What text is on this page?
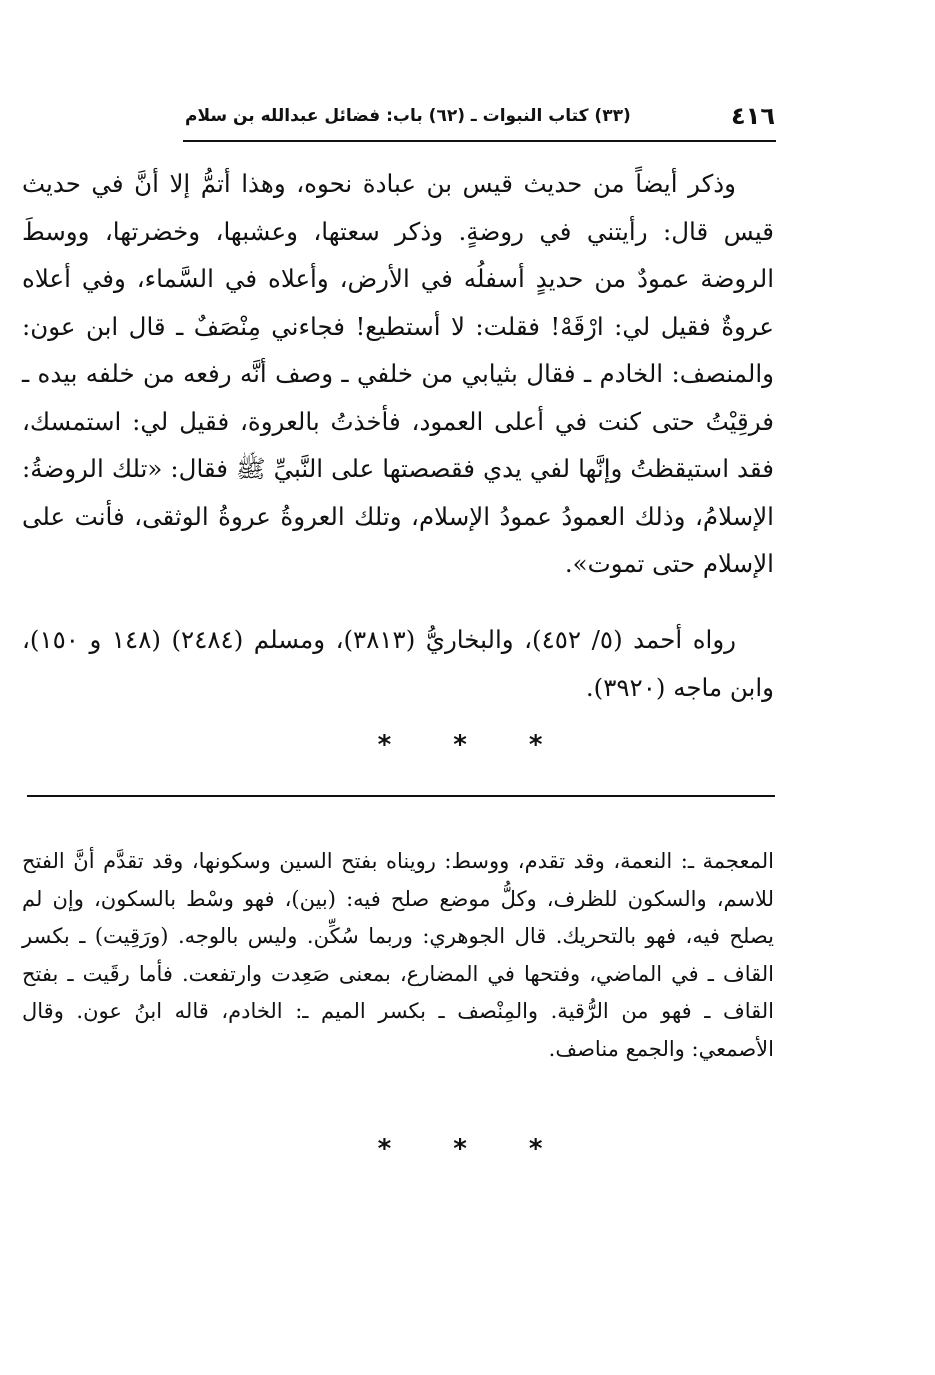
٤١٦
(٣٣) كتاب النبوات ـ (٦٢) باب: فضائل عبدالله بن سلام

وذكر أيضاً من حديث قيس بن عبادة نحوه، وهذا أتمُّ إلا أنَّ في حديث قيس قال: رأيتني في روضةٍ. وذكر سعتها، وعشبها، وخضرتها، ووسطَ الروضة عمودٌ من حديدٍ أسفلُه في الأرض، وأعلاه في السَّماء، وفي أعلاه عروةٌ فقيل لي: ارْقَهْ! فقلت: لا أستطيع! فجاءني مِنْصَفٌ ـ قال ابن عون: والمنصف: الخادم ـ فقال بثيابي من خلفي ـ وصف أنَّه رفعه من خلفه بيده ـ فرقِيْتُ حتى كنت في أعلى العمود، فأخذتُ بالعروة، فقيل لي: استمسك، فقد استيقظتُ وإنَّها لفي يدي فقصصتها على النَّبيِّ ﷺ فقال: «تلك الروضةُ: الإسلامُ، وذلك العمودُ عمودُ الإسلام، وتلك العروةُ عروةُ الوثقى، فأنت على الإسلام حتى تموت».

رواه أحمد (٥/ ٤٥٢)، والبخاريُّ (٣٨١٣)، ومسلم (٢٤٨٤) (١٤٨ و ١٥٠)، وابن ماجه (٣٩٢٠).

*
*
*

المعجمة ـ: النعمة، وقد تقدم، ووسط: رويناه بفتح السين وسكونها، وقد تقدَّم أنَّ الفتح للاسم، والسكون للظرف، وكلُّ موضع صلح فيه: (بين)، فهو وسْط بالسكون، وإن لم يصلح فيه، فهو بالتحريك. قال الجوهري: وربما سُكِّن. وليس بالوجه. (ورَقِيت) ـ بكسر القاف ـ في الماضي، وفتحها في المضارع، بمعنى صَعِدت وارتفعت. فأما رقَيت ـ بفتح القاف ـ فهو من الرُّقية. والمِنْصف ـ بكسر الميم ـ: الخادم، قاله ابنُ عون. وقال الأصمعي: والجمع مناصف.

*
*
*
